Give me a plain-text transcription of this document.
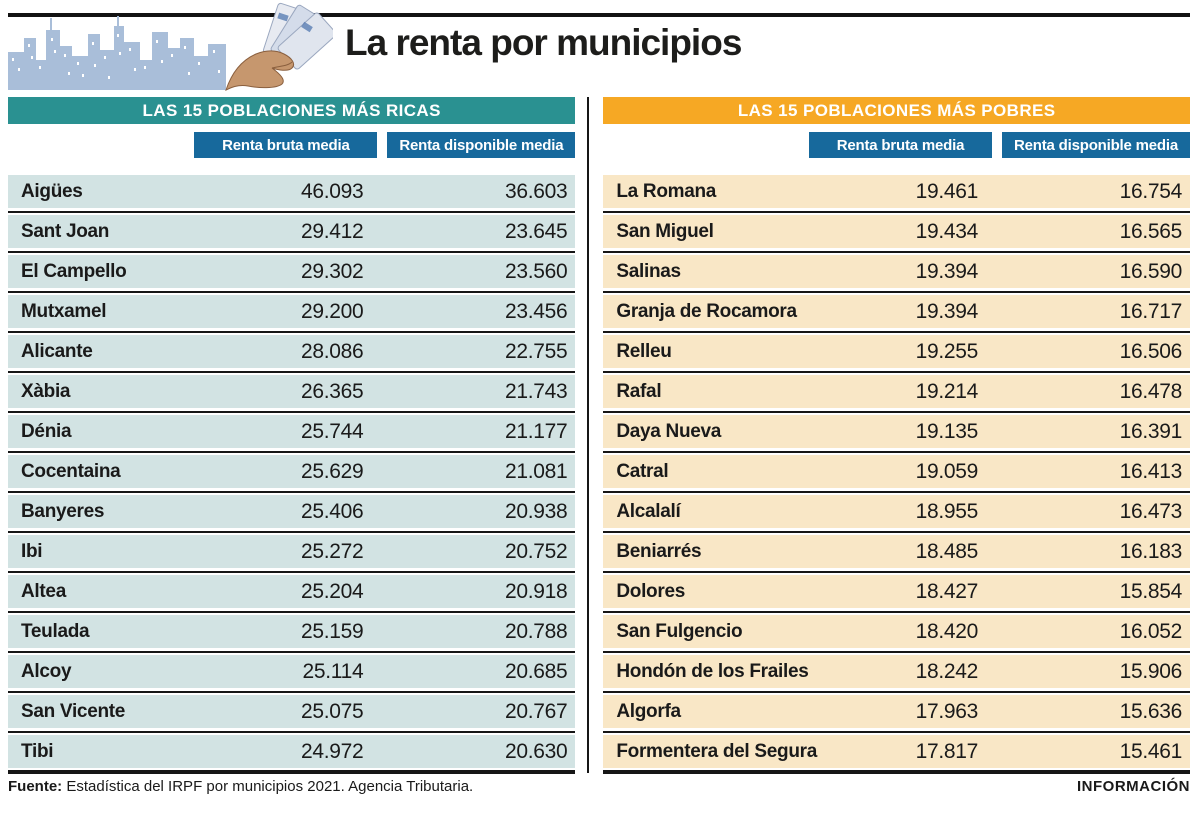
La renta por municipios
LAS 15 POBLACIONES MÁS RICAS
Renta bruta media	Renta disponible media
Aigües	46.093	36.603
Sant Joan	29.412	23.645
El Campello	29.302	23.560
Mutxamel	29.200	23.456
Alicante	28.086	22.755
Xàbia	26.365	21.743
Dénia	25.744	21.177
Cocentaina	25.629	21.081
Banyeres	25.406	20.938
Ibi	25.272	20.752
Altea	25.204	20.918
Teulada	25.159	20.788
Alcoy	25.114	20.685
San Vicente	25.075	20.767
Tibi	24.972	20.630
LAS 15 POBLACIONES MÁS POBRES
Renta bruta media	Renta disponible media
La Romana	19.461	16.754
San Miguel	19.434	16.565
Salinas	19.394	16.590
Granja de Rocamora	19.394	16.717
Relleu	19.255	16.506
Rafal	19.214	16.478
Daya Nueva	19.135	16.391
Catral	19.059	16.413
Alcalalí	18.955	16.473
Beniarrés	18.485	16.183
Dolores	18.427	15.854
San Fulgencio	18.420	16.052
Hondón de los Frailes	18.242	15.906
Algorfa	17.963	15.636
Formentera del Segura	17.817	15.461
Fuente: Estadística del IRPF por municipios 2021. Agencia Tributaria.	INFORMACIÓN
